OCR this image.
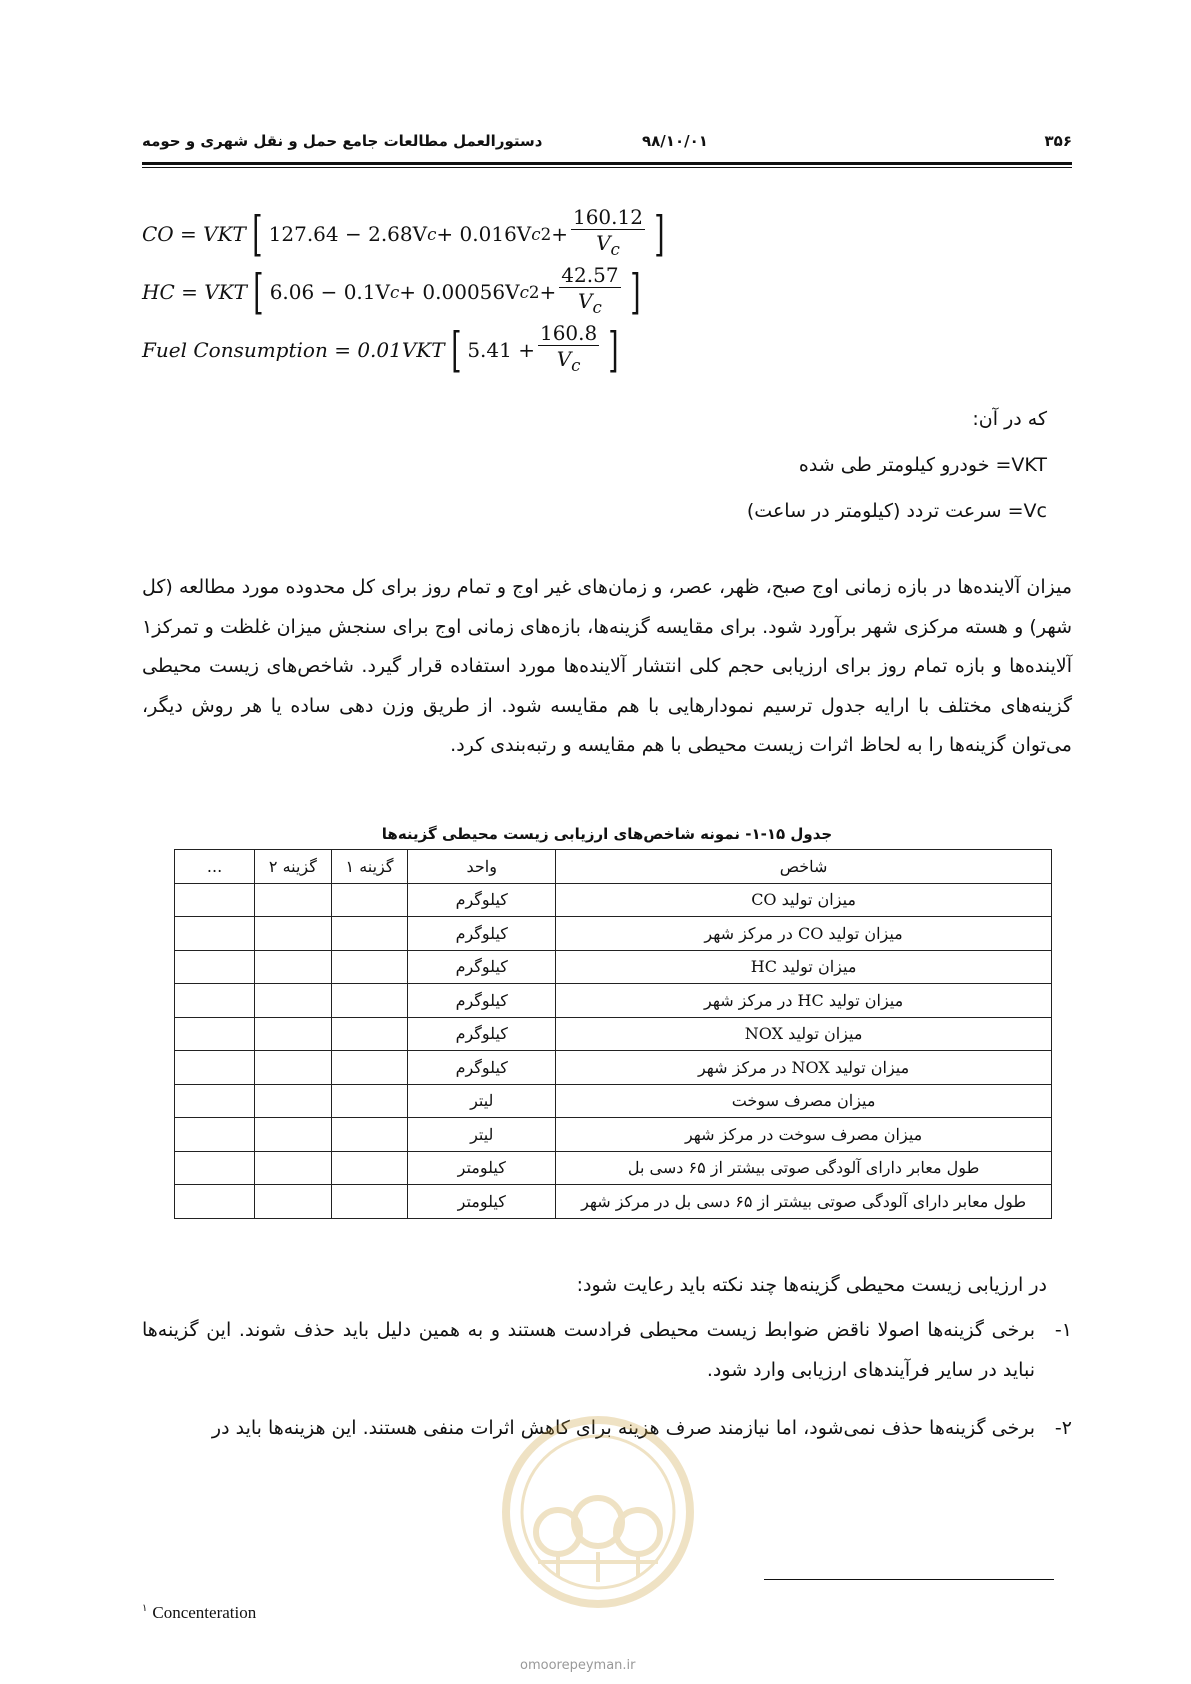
۳۵۶
۹۸/۱۰/۰۱
دستورالعمل مطالعات جامع حمل و نقل شهری و حومه
CO = VKT [ 127.64 − 2.68V c + 0.016V c $2 + \frac{160.12}{V_c}$ ]
HC = VKT [ 6.06 − 0.1V c + 0.00056V c $2 + \frac{42.57}{V_c}$ ]
Fuel Consumption = 0.01VKT [ $5.41 + \frac{160.8}{V_c}$ ]
که در آن:
VKT= خودرو کیلومتر طی شده
Vc= سرعت تردد (کیلومتر در ساعت)
میزان آلاینده‌ها در بازه زمانی اوج صبح، ظهر، عصر، و زمان‌های غیر اوج و تمام روز برای کل محدوده مورد مطالعه (کل شهر) و هسته مرکزی شهر برآورد شود. برای مقایسه گزینه‌ها، بازه‌های زمانی اوج برای سنجش میزان غلظت و تمرکز۱ آلاینده‌ها و بازه تمام روز برای ارزیابی حجم کلی انتشار آلاینده‌ها مورد استفاده قرار گیرد. شاخص‌های زیست محیطی گزینه‌های مختلف با ارایه جدول ترسیم نمودارهایی با هم مقایسه شود. از طریق وزن دهی ساده یا هر روش دیگر، می‌توان گزینه‌ها را به لحاظ اثرات زیست محیطی با هم مقایسه و رتبه‌بندی کرد.
جدول ۱۵-۱- نمونه شاخص‌های ارزیابی زیست محیطی گزینه‌ها
شاخص	واحد	گزینه ۱	گزینه ۲	...
میزان تولید CO	کیلوگرم			
میزان تولید CO در مرکز شهر	کیلوگرم			
میزان تولید HC	کیلوگرم			
میزان تولید HC در مرکز شهر	کیلوگرم			
میزان تولید NOX	کیلوگرم			
میزان تولید NOX در مرکز شهر	کیلوگرم			
میزان مصرف سوخت	لیتر			
میزان مصرف سوخت در مرکز شهر	لیتر			
طول معابر دارای آلودگی صوتی بیشتر از ۶۵ دسی بل	کیلومتر			
طول معابر دارای آلودگی صوتی بیشتر از ۶۵ دسی بل در مرکز شهر	کیلومتر			
در ارزیابی زیست محیطی گزینه‌ها چند نکته باید رعایت شود:
۱-
برخی گزینه‌ها اصولا ناقض ضوابط زیست محیطی فرادست هستند و به همین دلیل باید حذف شوند. این گزینه‌ها نباید در سایر فرآیندهای ارزیابی وارد شود.
۲-
برخی گزینه‌ها حذف نمی‌شود، اما نیازمند صرف هزینه برای کاهش اثرات منفی هستند. این هزینه‌ها باید در
omoorepeyman.ir
$^۱$ Concenteration
